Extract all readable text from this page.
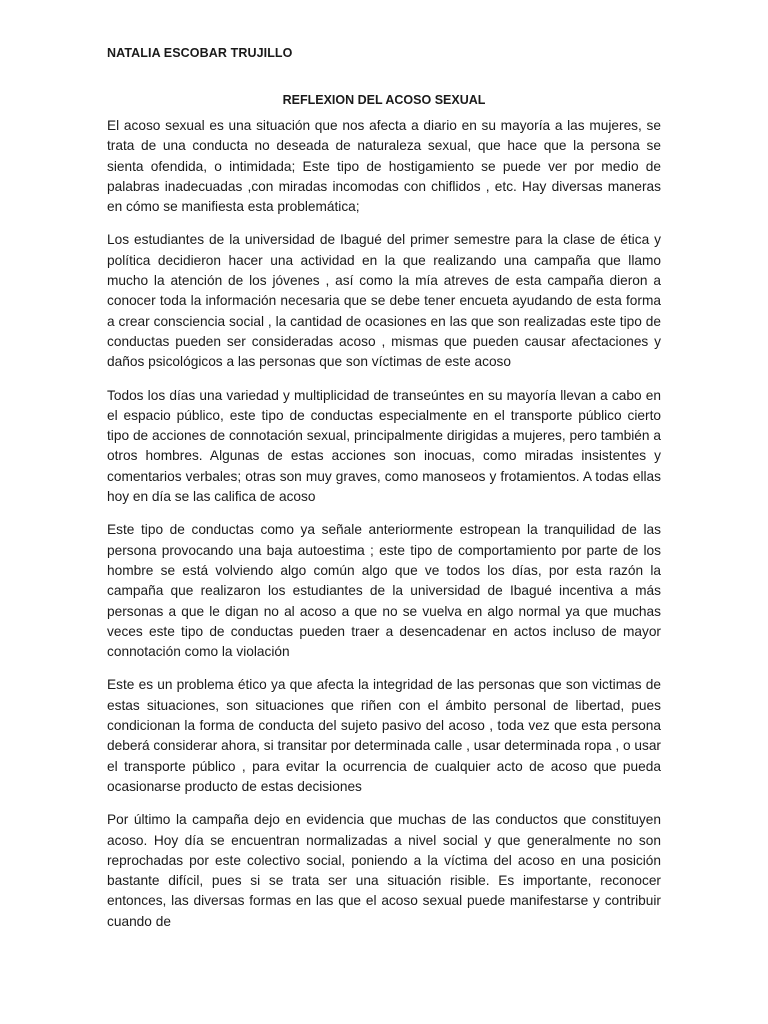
NATALIA ESCOBAR TRUJILLO
REFLEXION DEL ACOSO SEXUAL

El acoso sexual es una situación que nos afecta a diario en su mayoría a las mujeres, se trata de una conducta no deseada de naturaleza sexual, que hace que la persona se sienta ofendida, o intimidada; Este tipo de hostigamiento se puede ver por medio de palabras inadecuadas ,con miradas incomodas con chiflidos , etc. Hay diversas maneras en cómo se manifiesta esta problemática;

Los estudiantes de la universidad de Ibagué del primer semestre para la clase de ética y política decidieron hacer una actividad en la que realizando una campaña que llamo mucho la atención de los jóvenes , así como la mía atreves de esta campaña dieron a conocer toda la información necesaria que se debe tener encueta ayudando de esta forma a crear consciencia social , la cantidad de ocasiones en las que son realizadas este tipo de conductas pueden ser consideradas acoso , mismas que pueden causar afectaciones y daños psicológicos a las personas que son víctimas de este acoso

Todos los días una variedad y multiplicidad de transeúntes en su mayoría llevan a cabo en el espacio público, este tipo de conductas especialmente en el transporte público cierto tipo de acciones de connotación sexual, principalmente dirigidas a mujeres, pero también a otros hombres. Algunas de estas acciones son inocuas, como miradas insistentes y comentarios verbales; otras son muy graves, como manoseos y frotamientos. A todas ellas hoy en día se las califica de acoso

Este tipo de conductas como ya señale anteriormente estropean la tranquilidad de las persona provocando una baja autoestima ; este tipo de comportamiento por parte de los hombre se está volviendo algo común algo que ve todos los días, por esta razón la campaña que realizaron los estudiantes de la universidad de Ibagué incentiva a más personas a que le digan no al acoso a que no se vuelva en algo normal ya que muchas veces este tipo de conductas pueden traer a desencadenar en actos incluso de mayor connotación como la violación

Este es un problema ético ya que afecta la integridad de las personas que son victimas de estas situaciones, son situaciones que riñen con el ámbito personal de libertad, pues condicionan la forma de conducta del sujeto pasivo del acoso , toda vez que esta persona deberá considerar ahora, si transitar por determinada calle , usar determinada ropa , o usar el transporte público , para evitar la ocurrencia de cualquier acto de acoso que pueda ocasionarse producto de estas decisiones

Por último la campaña dejo en evidencia que muchas de las conductos que constituyen acoso. Hoy día se encuentran normalizadas a nivel social y que generalmente no son reprochadas por este colectivo social, poniendo a la víctima del acoso en una posición bastante difícil, pues si se trata ser una situación risible. Es importante, reconocer entonces, las diversas formas en las que el acoso sexual puede manifestarse y contribuir cuando de
